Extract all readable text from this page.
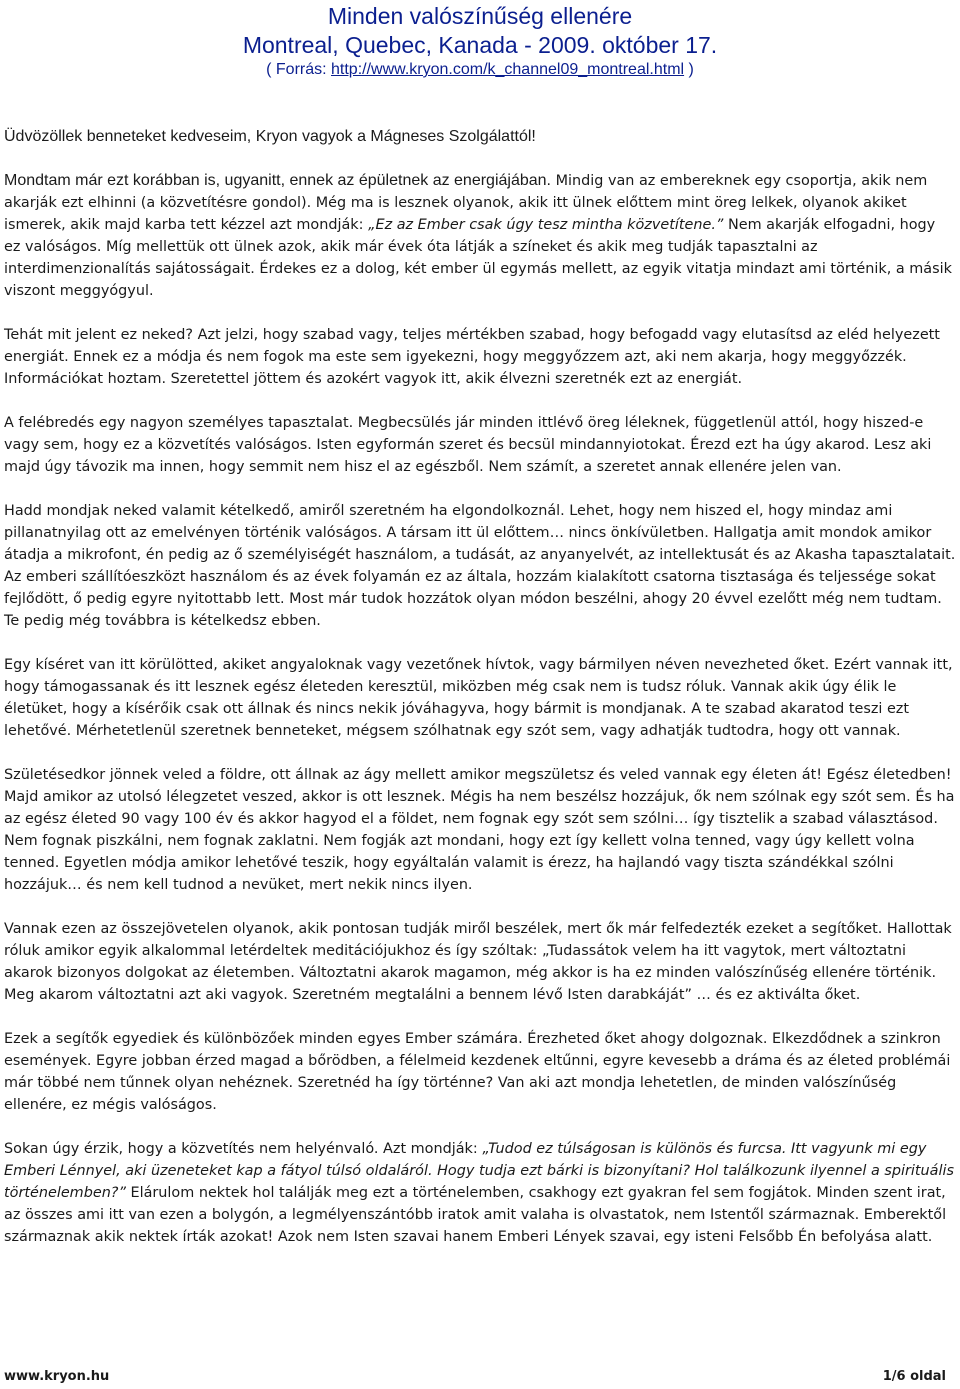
Minden valószínűség ellenére
Montreal, Quebec, Kanada - 2009. október 17.
( Forrás: http://www.kryon.com/k_channel09_montreal.html )

Üdvözöllek benneteket kedveseim, Kryon vagyok a Mágneses Szolgálattól!

Mondtam már ezt korábban is, ugyanitt, ennek az épületnek az energiájában. Mindig van az embereknek egy csoportja, akik nem akarják ezt elhinni (a közvetítésre gondol). Még ma is lesznek olyanok, akik itt ülnek előttem mint öreg lelkek, olyanok akiket ismerek, akik majd karba tett kézzel azt mondják: „Ez az Ember csak úgy tesz mintha közvetítene.” Nem akarják elfogadni, hogy ez valóságos. Míg mellettük ott ülnek azok, akik már évek óta látják a színeket és akik meg tudják tapasztalni az interdimenzionalítás sajátosságait. Érdekes ez a dolog, két ember ül egymás mellett, az egyik vitatja mindazt ami történik, a másik viszont meggyógyul.

Tehát mit jelent ez neked? Azt jelzi, hogy szabad vagy, teljes mértékben szabad, hogy befogadd vagy elutasítsd az eléd helyezett energiát. Ennek ez a módja és nem fogok ma este sem igyekezni, hogy meggyőzzem azt, aki nem akarja, hogy meggyőzzék. Információkat hoztam. Szeretettel jöttem és azokért vagyok itt, akik élvezni szeretnék ezt az energiát.

A felébredés egy nagyon személyes tapasztalat. Megbecsülés jár minden ittlévő öreg léleknek, függetlenül attól, hogy hiszed-e vagy sem, hogy ez a közvetítés valóságos. Isten egyformán szeret és becsül mindannyiotokat. Érezd ezt ha úgy akarod. Lesz aki majd úgy távozik ma innen, hogy semmit nem hisz el az egészből. Nem számít, a szeretet annak ellenére jelen van.

Hadd mondjak neked valamit kételkedő, amiről szeretném ha elgondolkoznál. Lehet, hogy nem hiszed el, hogy mindaz ami pillanatnyilag ott az emelvényen történik valóságos. A társam itt ül előttem… nincs önkívületben. Hallgatja amit mondok amikor átadja a mikrofont, én pedig az ő személyiségét használom, a tudását, az anyanyelvét, az intellektusát és az Akasha tapasztalatait. Az emberi szállítóeszközt használom és az évek folyamán ez az általa, hozzám kialakított csatorna tisztasága és teljessége sokat fejlődött, ő pedig egyre nyitottabb lett. Most már tudok hozzátok olyan módon beszélni, ahogy 20 évvel ezelőtt még nem tudtam. Te pedig még továbbra is kételkedsz ebben.

Egy kíséret van itt körülötted, akiket angyaloknak vagy vezetőnek hívtok, vagy bármilyen néven nevezheted őket. Ezért vannak itt, hogy támogassanak és itt lesznek egész életeden keresztül, miközben még csak nem is tudsz róluk. Vannak akik úgy élik le életüket, hogy a kísérőik csak ott állnak és nincs nekik jóváhagyva, hogy bármit is mondjanak. A te szabad akaratod teszi ezt lehetővé. Mérhetetlenül szeretnek benneteket, mégsem szólhatnak egy szót sem, vagy adhatják tudtodra, hogy ott vannak.

Születésedkor jönnek veled a földre, ott állnak az ágy mellett amikor megszületsz és veled vannak egy életen át! Egész életedben! Majd amikor az utolsó lélegzetet veszed, akkor is ott lesznek. Mégis ha nem beszélsz hozzájuk, ők nem szólnak egy szót sem. És ha az egész életed 90 vagy 100 év és akkor hagyod el a földet, nem fognak egy szót sem szólni… így tisztelik a szabad választásod. Nem fognak piszkálni, nem fognak zaklatni. Nem fogják azt mondani, hogy ezt így kellett volna tenned, vagy úgy kellett volna tenned. Egyetlen módja amikor lehetővé teszik, hogy egyáltalán valamit is érezz, ha hajlandó vagy tiszta szándékkal szólni hozzájuk… és nem kell tudnod a nevüket, mert nekik nincs ilyen.

Vannak ezen az összejövetelen olyanok, akik pontosan tudják miről beszélek, mert ők már felfedezték ezeket a segítőket. Hallottak róluk amikor egyik alkalommal letérdeltek meditációjukhoz és így szóltak: „Tudassátok velem ha itt vagytok, mert változtatni akarok bizonyos dolgokat az életemben. Változtatni akarok magamon, még akkor is ha ez minden valószínűség ellenére történik. Meg akarom változtatni azt aki vagyok. Szeretném megtalálni a bennem lévő Isten darabkáját” … és ez aktiválta őket.

Ezek a segítők egyediek és különbözőek minden egyes Ember számára. Érezheted őket ahogy dolgoznak. Elkezdődnek a szinkron események. Egyre jobban érzed magad a bőrödben, a félelmeid kezdenek eltűnni, egyre kevesebb a dráma és az életed problémái már többé nem tűnnek olyan nehéznek. Szeretnéd ha így történne? Van aki azt mondja lehetetlen, de minden valószínűség ellenére, ez mégis valóságos.

Sokan úgy érzik, hogy a közvetítés nem helyénvaló. Azt mondják: „Tudod ez túlságosan is különös és furcsa. Itt vagyunk mi egy Emberi Lénnyel, aki üzeneteket kap a fátyol túlsó oldaláról. Hogy tudja ezt bárki is bizonyítani? Hol találkozunk ilyennel a spirituális történelemben?” Elárulom nektek hol találják meg ezt a történelemben, csakhogy ezt gyakran fel sem fogjátok. Minden szent irat, az összes ami itt van ezen a bolygón, a legmélyenszántóbb iratok amit valaha is olvastatok, nem Istentől származnak. Emberektől származnak akik nektek írták azokat! Azok nem Isten szavai hanem Emberi Lények szavai, egy isteni Felsőbb Én befolyása alatt.

www.kryon.hu	1/6 oldal
